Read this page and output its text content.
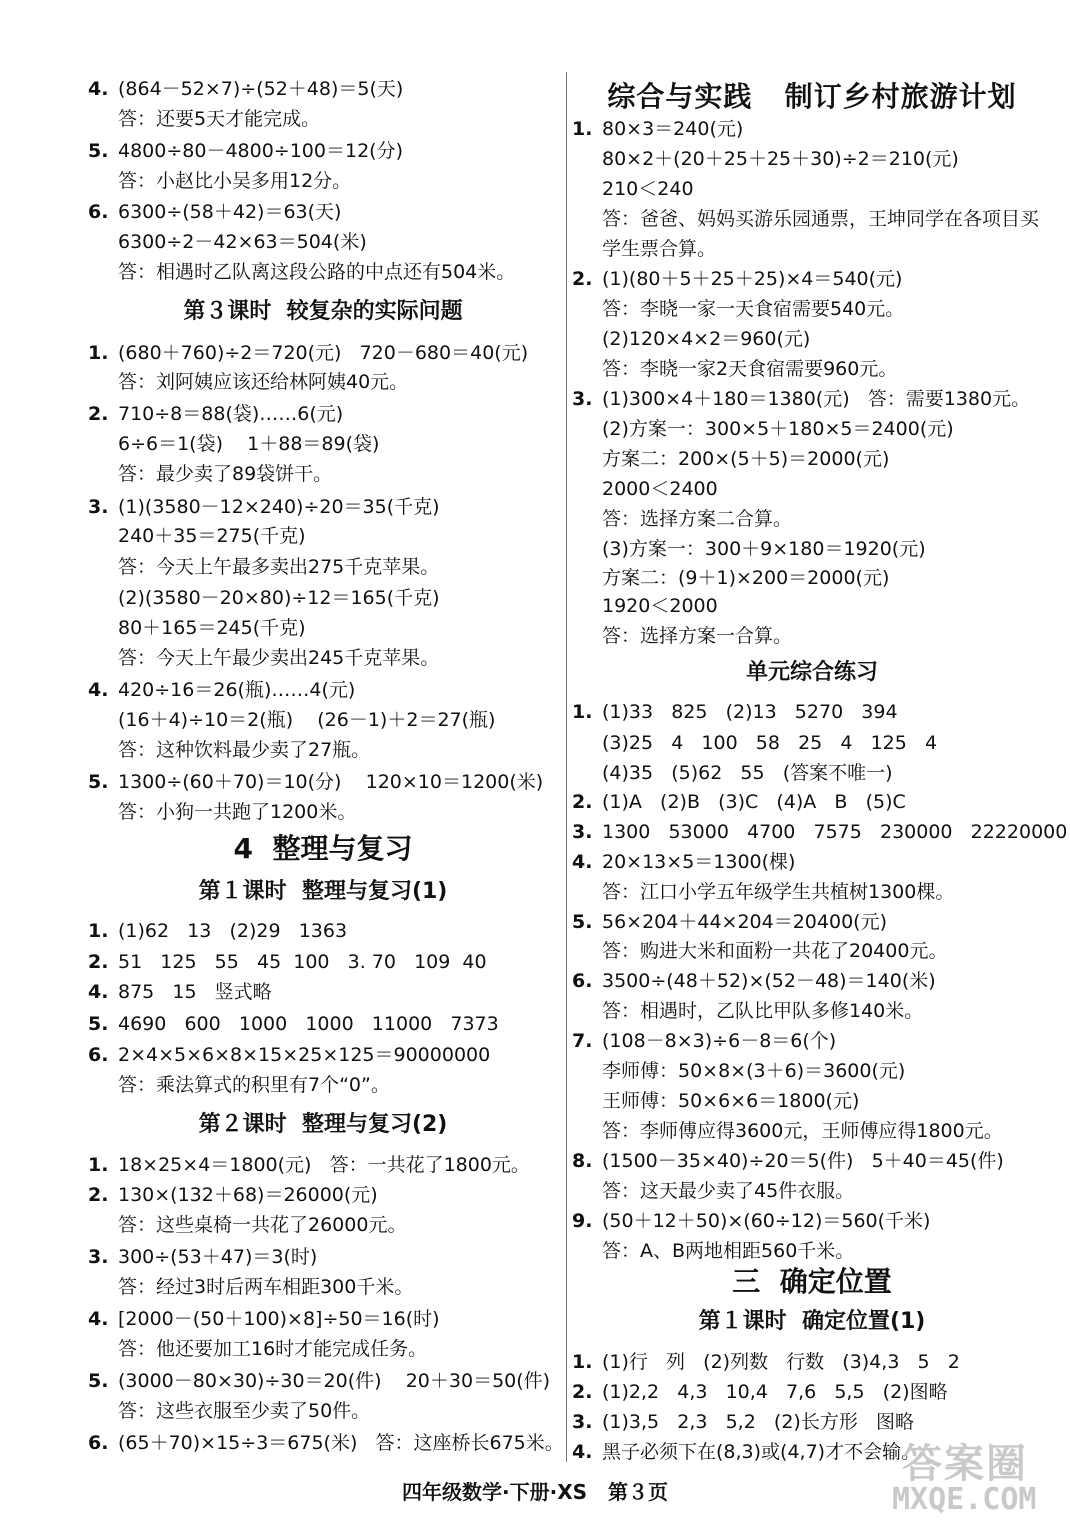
4. (864－52×7)÷(52＋48)＝5(天)
答：还要5天才能完成。
5. 4800÷80－4800÷100＝12(分)
答：小赵比小吴多用12分。
6. 6300÷(58＋42)＝63(天)
6300÷2－42×63＝504(米)
答：相遇时乙队离这段公路的中点还有504米。
第３课时  较复杂的实际问题
1. (680＋760)÷2＝720(元)   720－680＝40(元)
答：刘阿姨应该还给林阿姨40元。
2. 710÷8＝88(袋)……6(元)
6÷6＝1(袋)    1＋88＝89(袋)
答：最少卖了89袋饼干。
3. (1)(3580－12×240)÷20＝35(千克)
240＋35＝275(千克)
答：今天上午最多卖出275千克苹果。
(2)(3580－20×80)÷12＝165(千克)
80＋165＝245(千克)
答：今天上午最少卖出245千克苹果。
4. 420÷16＝26(瓶)……4(元)
(16＋4)÷10＝2(瓶)    (26－1)＋2＝27(瓶)
答：这种饮料最少卖了27瓶。
5. 1300÷(60＋70)＝10(分)    120×10＝1200(米)
答：小狗一共跑了1200米。
4  整理与复习
第１课时  整理与复习(1)
1. (1)62   13   (2)29   1363
2. 51   125   55   45  100   3. 70   109  40
4. 875   15   竖式略
5. 4690   600   1000   1000   11000   7373
6. 2×4×5×6×8×15×25×125＝90000000
答：乘法算式的积里有7个“0”。
第２课时  整理与复习(2)
1. 18×25×4＝1800(元)   答：一共花了1800元。
2. 130×(132＋68)＝26000(元)
答：这些桌椅一共花了26000元。
3. 300÷(53＋47)＝3(时)
答：经过3时后两车相距300千米。
4. [2000－(50＋100)×8]÷50＝16(时)
答：他还要加工16时才能完成任务。
5. (3000－80×30)÷30＝20(件)    20＋30＝50(件)
答：这些衣服至少卖了50件。
6. (65＋70)×15÷3＝675(米)   答：这座桥长675米。
综合与实践   制订乡村旅游计划
1. 80×3＝240(元)
80×2＋(20＋25＋25＋30)÷2＝210(元)
210＜240
答：爸爸、妈妈买游乐园通票，王坤同学在各项目买
学生票合算。
2. (1)(80＋5＋25＋25)×4＝540(元)
答：李晓一家一天食宿需要540元。
(2)120×4×2＝960(元)
答：李晓一家2天食宿需要960元。
3. (1)300×4＋180＝1380(元)   答：需要1380元。
(2)方案一：300×5＋180×5＝2400(元)
方案二：200×(5＋5)＝2000(元)
2000＜2400
答：选择方案二合算。
(3)方案一：300＋9×180＝1920(元)
方案二：(9＋1)×200＝2000(元)
1920＜2000
答：选择方案一合算。
单元综合练习
1. (1)33   825   (2)13   5270   394
(3)25   4   100   58   25   4   125   4
(4)35   (5)62   55   (答案不唯一)
2. (1)A   (2)B   (3)C   (4)A   B   (5)C
3. 1300   53000   4700   7575   230000   22220000
4. 20×13×5＝1300(棵)
答：江口小学五年级学生共植树1300棵。
5. 56×204＋44×204＝20400(元)
答：购进大米和面粉一共花了20400元。
6. 3500÷(48＋52)×(52－48)＝140(米)
答：相遇时，乙队比甲队多修140米。
7. (108－8×3)÷6－8＝6(个)
李师傅：50×8×(3＋6)＝3600(元)
王师傅：50×6×6＝1800(元)
答：李师傅应得3600元，王师傅应得1800元。
8. (1500－35×40)÷20＝5(件)   5＋40＝45(件)
答：这天最少卖了45件衣服。
9. (50＋12＋50)×(60÷12)＝560(千米)
答：A、B两地相距560千米。
三  确定位置
第１课时  确定位置(1)
1. (1)行   列   (2)列数   行数   (3)4,3   5   2
2. (1)2,2   4,3   10,4   7,6   5,5   (2)图略
3. (1)3,5   2,3   5,2   (2)长方形   图略
4. 黑子必须下在(8,3)或(4,7)才不会输。
四年级数学·下册·XS   第３页
答案圈
MXQE.COM
